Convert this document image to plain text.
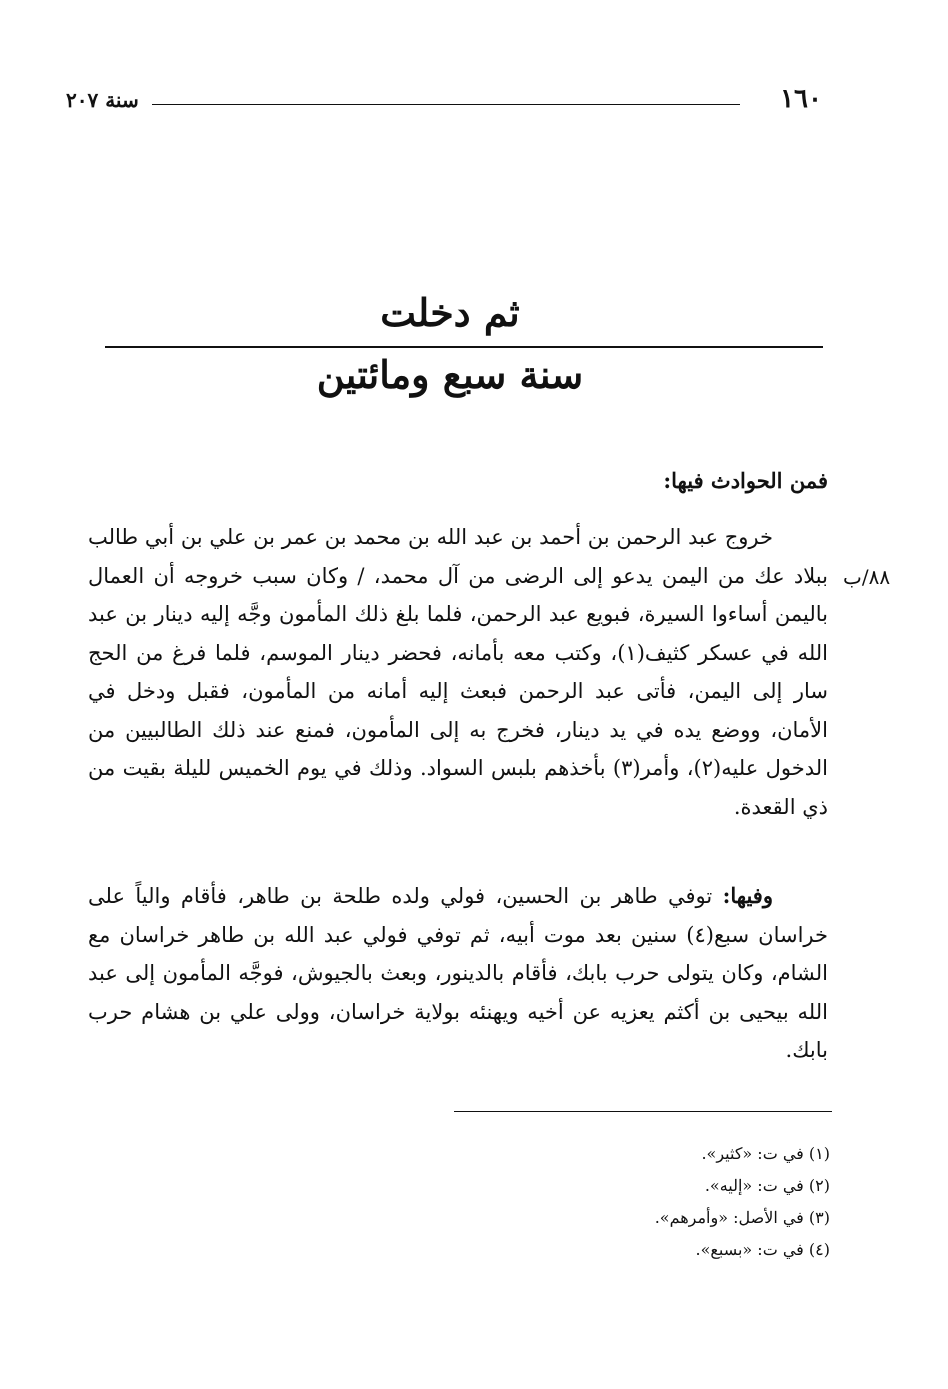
١٦٠
سنة ٢٠٧
ثم دخلت
سنة سبع ومائتين
فمن الحوادث فيها:
٨٨/ب

خروج عبد الرحمن بن أحمد بن عبد الله بن محمد بن عمر بن علي بن أبي طالب ببلاد عك من اليمن يدعو إلى الرضى من آل محمد، / وكان سبب خروجه أن العمال باليمن أساءوا السيرة، فبويع عبد الرحمن، فلما بلغ ذلك المأمون وجَّه إليه دينار بن عبد الله في عسكر كثيف(١)، وكتب معه بأمانه، فحضر دينار الموسم، فلما فرغ من الحج سار إلى اليمن، فأتى عبد الرحمن فبعث إليه أمانه من المأمون، فقبل ودخل في الأمان، ووضع يده في يد دينار، فخرج به إلى المأمون، فمنع عند ذلك الطالبيين من الدخول عليه(٢)، وأمر(٣) بأخذهم بلبس السواد. وذلك في يوم الخميس لليلة بقيت من ذي القعدة.

وفيها: توفي طاهر بن الحسين، فولي ولده طلحة بن طاهر، فأقام والياً على خراسان سبع(٤) سنين بعد موت أبيه، ثم توفي فولي عبد الله بن طاهر خراسان مع الشام، وكان يتولى حرب بابك، فأقام بالدينور، وبعث بالجيوش، فوجَّه المأمون إلى عبد الله بيحيى بن أكثم يعزيه عن أخيه ويهنئه بولاية خراسان، وولى علي بن هشام حرب بابك.

(١) في ت: «كثير».
(٢) في ت: «إليه».
(٣) في الأصل: «وأمرهم».
(٤) في ت: «بسبع».
